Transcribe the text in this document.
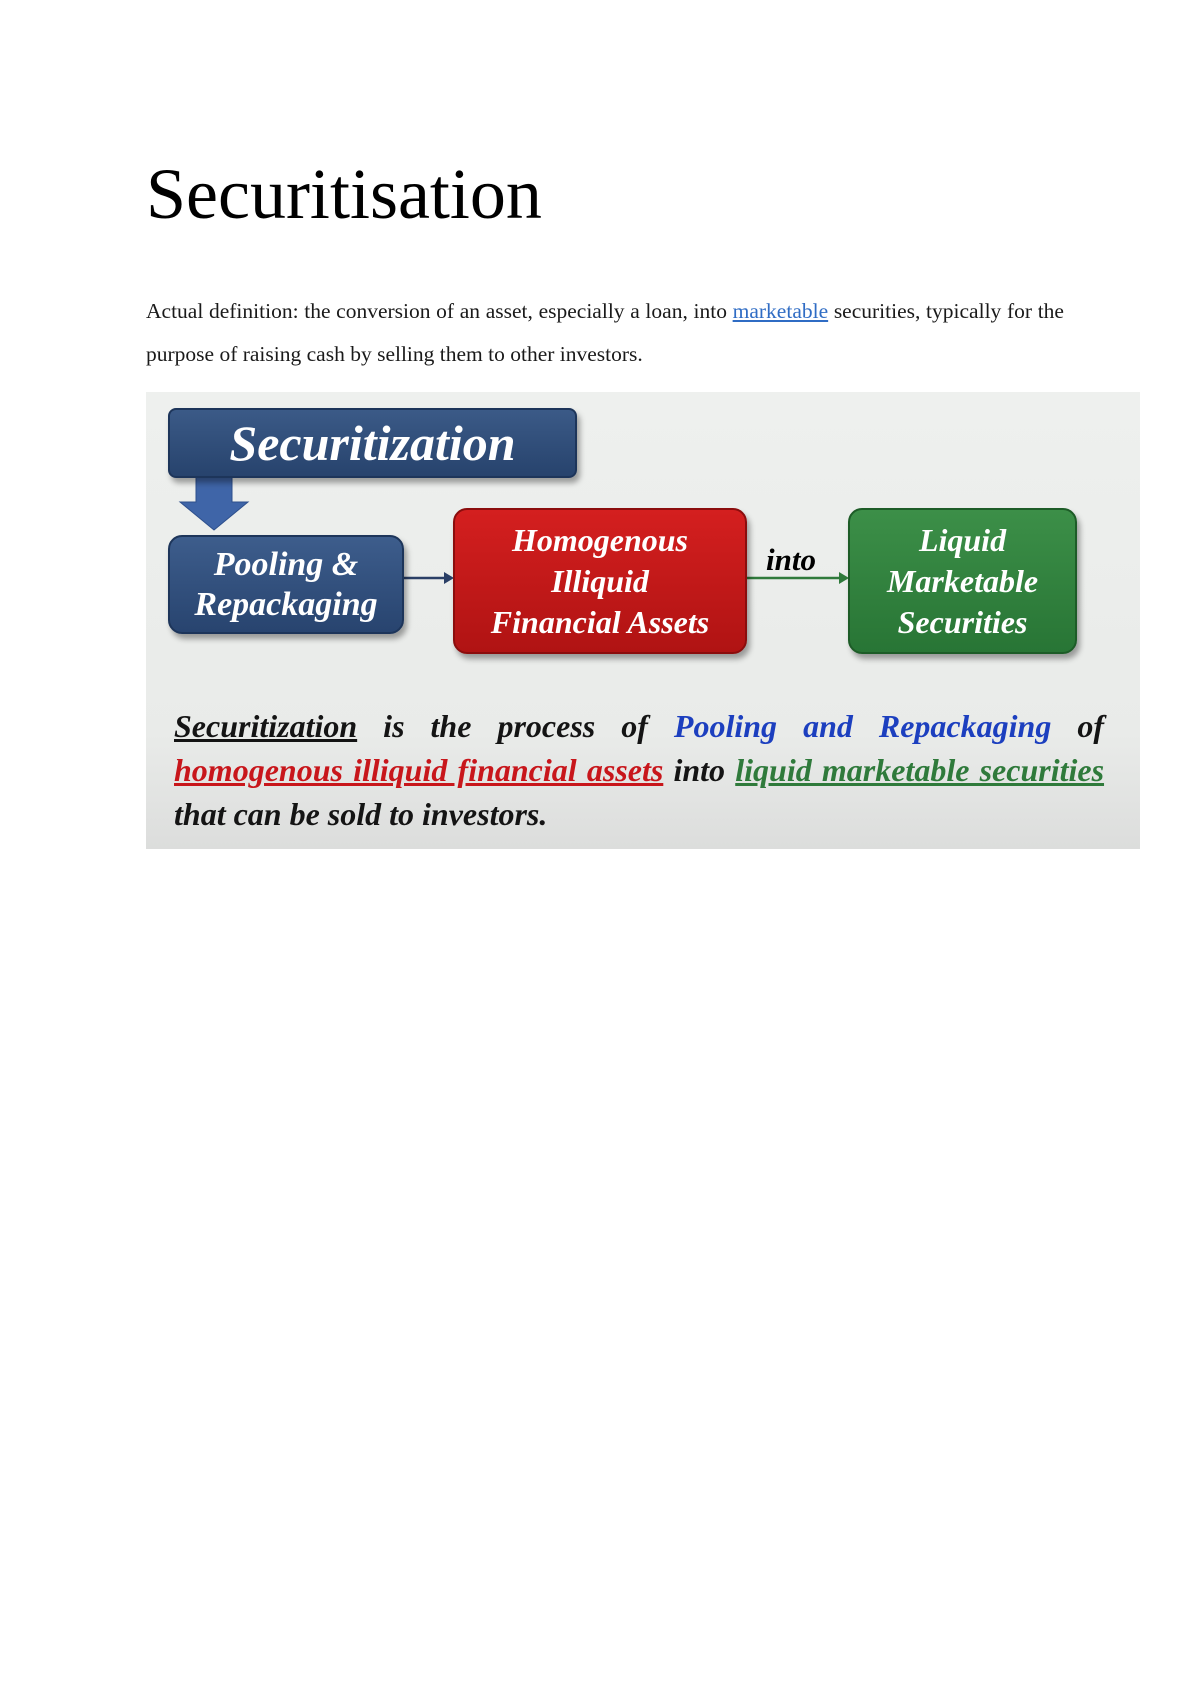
Securitisation

Actual definition: the conversion of an asset, especially a loan, into marketable securities, typically for the purpose of raising cash by selling them to other investors.

Securitization
Pooling &
Repackaging
Homogenous
Illiquid
Financial Assets
into
Liquid
Marketable
Securities

Securitization is the process of Pooling and Repackaging of homogenous illiquid financial assets into liquid marketable securities that can be sold to investors.
